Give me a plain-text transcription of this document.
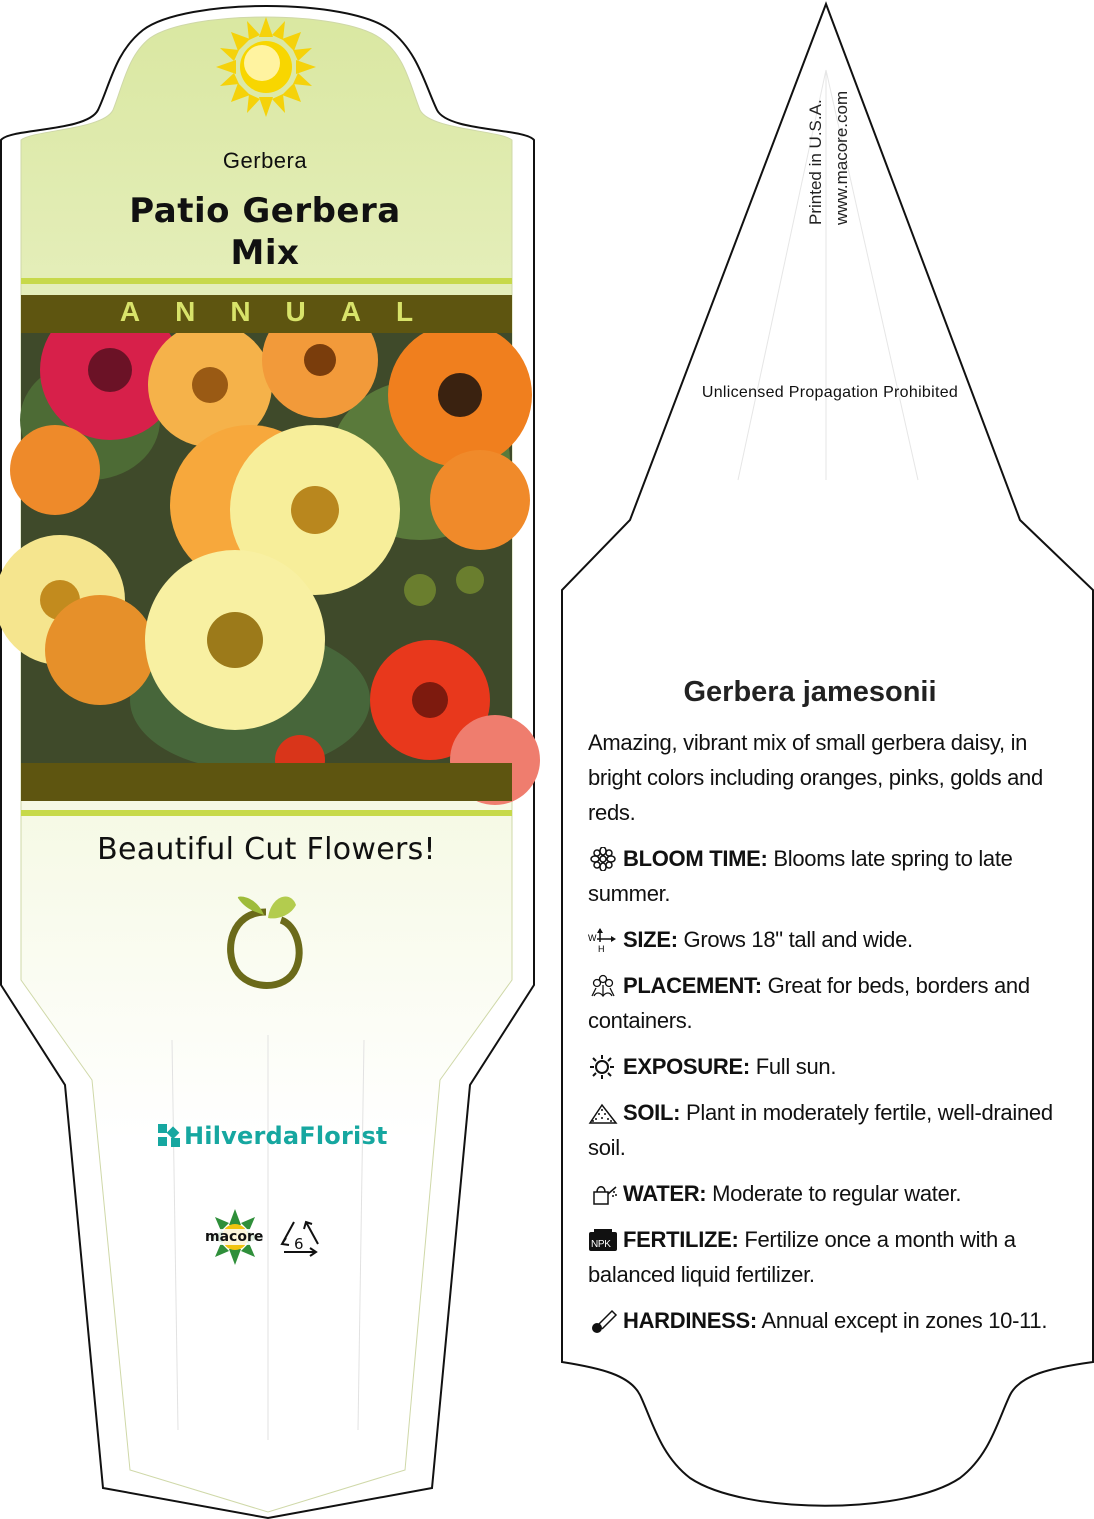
Gerbera
Patio Gerbera
Mix
ANNUAL
Beautiful Cut Flowers!
HilverdaFlorist
macore 6
Printed in U.S.A. www.macore.com
Unlicensed Propagation Prohibited
Gerbera jamesonii

Amazing, vibrant mix of small gerbera daisy, in bright colors including oranges, pinks, golds and reds.

BLOOM TIME: Blooms late spring to late summer.

W
H SIZE: Grows 18" tall and wide.

PLACEMENT: Great for beds, borders and containers.

EXPOSURE: Full sun.

SOIL: Plant in moderately fertile, well-drained soil.

WATER: Moderate to regular water.

NPK FERTILIZE: Fertilize once a month with a balanced liquid fertilizer.

HARDINESS: Annual except in zones 10-11.
